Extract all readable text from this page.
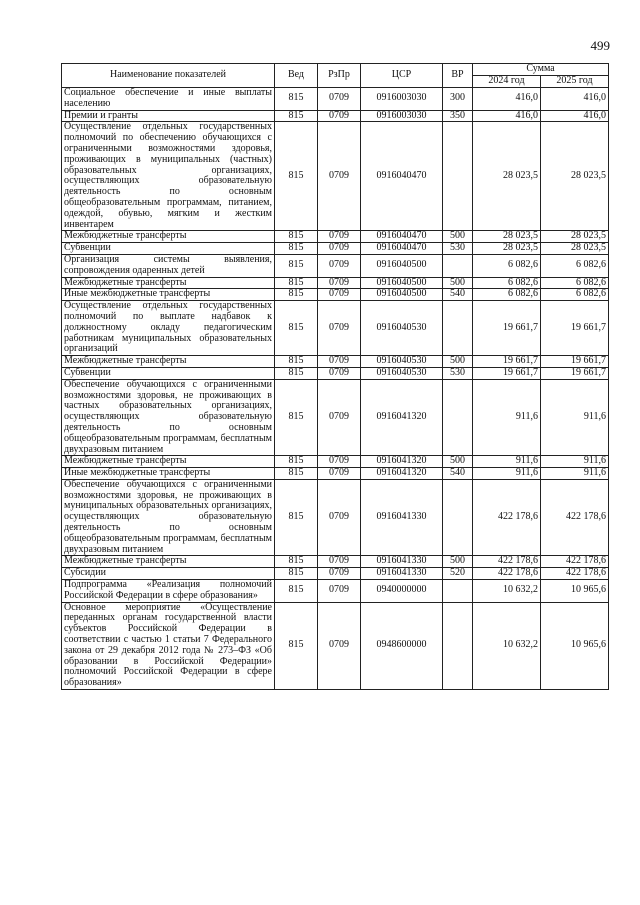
499
Наименование показателей	Вед	РзПр	ЦСР	ВР	Сумма	
					2024 год	2025 год
Социальное обеспечение и иные выплаты населению	815	0709	0916003030	300	416,0	416,0
Премии и гранты	815	0709	0916003030	350	416,0	416,0
Осуществление отдельных государственных полномочий по обеспечению обучающихся с ограниченными возможностями здоровья, проживающих в муниципальных (частных) образовательных организациях, осуществляющих образовательную деятельность по основным общеобразовательным программам, питанием, одеждой, обувью, мягким и жестким инвентарем	815	0709	0916040470		28 023,5	28 023,5
Межбюджетные трансферты	815	0709	0916040470	500	28 023,5	28 023,5
Субвенции	815	0709	0916040470	530	28 023,5	28 023,5
Организация системы выявления, сопровождения одаренных детей	815	0709	0916040500		6 082,6	6 082,6
Межбюджетные трансферты	815	0709	0916040500	500	6 082,6	6 082,6
Иные межбюджетные трансферты	815	0709	0916040500	540	6 082,6	6 082,6
Осуществление отдельных государственных полномочий по выплате надбавок к должностному окладу педагогическим работникам муниципальных образовательных организаций	815	0709	0916040530		19 661,7	19 661,7
Межбюджетные трансферты	815	0709	0916040530	500	19 661,7	19 661,7
Субвенции	815	0709	0916040530	530	19 661,7	19 661,7
Обеспечение обучающихся с ограниченными возможностями здоровья, не проживающих в частных образовательных организациях, осуществляющих образовательную деятельность по основным общеобразовательным программам, бесплатным двухразовым питанием	815	0709	0916041320		911,6	911,6
Межбюджетные трансферты	815	0709	0916041320	500	911,6	911,6
Иные межбюджетные трансферты	815	0709	0916041320	540	911,6	911,6
Обеспечение обучающихся с ограниченными возможностями здоровья, не проживающих в муниципальных образовательных организациях, осуществляющих образовательную деятельность по основным общеобразовательным программам, бесплатным двухразовым питанием	815	0709	0916041330		422 178,6	422 178,6
Межбюджетные трансферты	815	0709	0916041330	500	422 178,6	422 178,6
Субсидии	815	0709	0916041330	520	422 178,6	422 178,6
Подпрограмма «Реализация полномочий Российской Федерации в сфере образования»	815	0709	0940000000		10 632,2	10 965,6
Основное мероприятие «Осуществление переданных органам государственной власти субъектов Российской Федерации в соответствии с частью 1 статьи 7 Федерального закона от 29 декабря 2012 года № 273–ФЗ «Об образовании в Российской Федерации» полномочий Российской Федерации в сфере образования»	815	0709	0948600000		10 632,2	10 965,6
